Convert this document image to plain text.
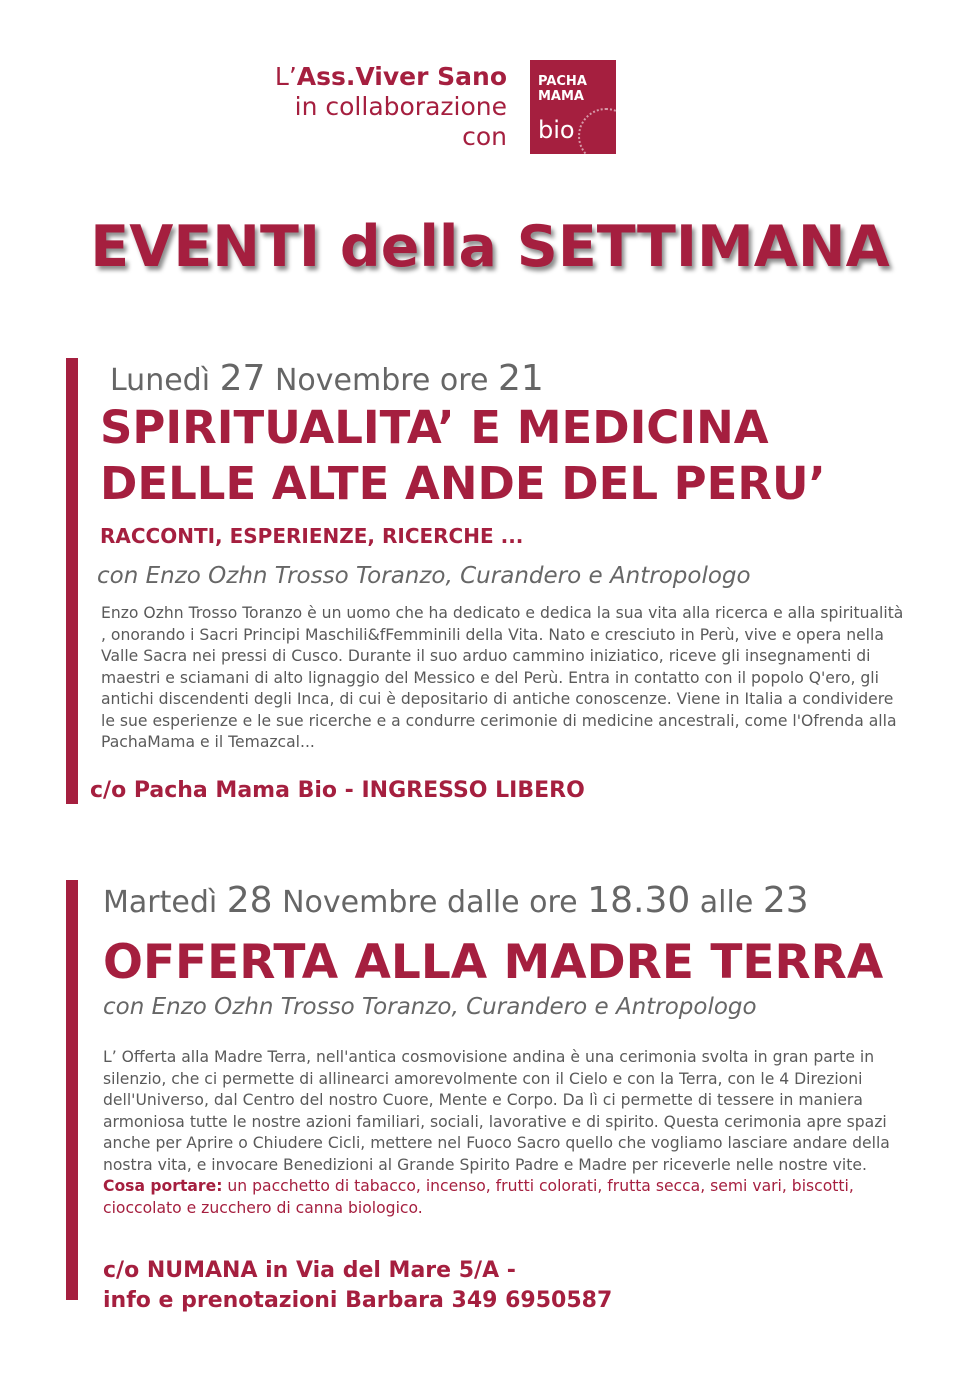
L’Ass.Viver Sano
in collaborazione
con
PACHA
MAMA
bio
EVENTI della SETTIMANA
Lunedì 27 Novembre ore 21
SPIRITUALITA’ E MEDICINA
DELLE ALTE ANDE DEL PERU’
RACCONTI, ESPERIENZE, RICERCHE ...
con Enzo Ozhn Trosso Toranzo, Curandero e Antropologo
Enzo Ozhn Trosso Toranzo è un uomo che ha dedicato e dedica la sua vita alla ricerca e alla spiritualità , onorando i Sacri Principi Maschili&fFemminili della Vita. Nato e cresciuto in Perù, vive e opera nella Valle Sacra nei pressi di Cusco. Durante il suo arduo cammino iniziatico, riceve gli insegnamenti di maestri e sciamani di alto lignaggio del Messico e del Perù. Entra in contatto con il popolo Q'ero, gli antichi discendenti degli Inca, di cui è depositario di antiche conoscenze. Viene in Italia a condividere le sue esperienze e le sue ricerche e a condurre cerimonie di medicine ancestrali, come l'Ofrenda alla PachaMama e il Temazcal...
c/o Pacha Mama Bio - INGRESSO LIBERO
Martedì 28 Novembre dalle ore 18.30 alle 23
OFFERTA ALLA MADRE TERRA
con Enzo Ozhn Trosso Toranzo, Curandero e Antropologo
L’ Offerta alla Madre Terra, nell'antica cosmovisione andina è una cerimonia svolta in gran parte in silenzio, che ci permette di allinearci amorevolmente con il Cielo e con la Terra, con le 4 Direzioni dell'Universo, dal Centro del nostro Cuore, Mente e Corpo. Da lì ci permette di tessere in maniera armoniosa tutte le nostre azioni familiari, sociali, lavorative e di spirito. Questa cerimonia apre spazi anche per Aprire o Chiudere Cicli, mettere nel Fuoco Sacro quello che vogliamo lasciare andare della nostra vita, e invocare Benedizioni al Grande Spirito Padre e Madre per riceverle nelle nostre vite.
Cosa portare: un pacchetto di tabacco, incenso, frutti colorati, frutta secca, semi vari, biscotti, cioccolato e zucchero di canna biologico.
c/o NUMANA in Via del Mare 5/A -
info e prenotazioni Barbara 349 6950587
